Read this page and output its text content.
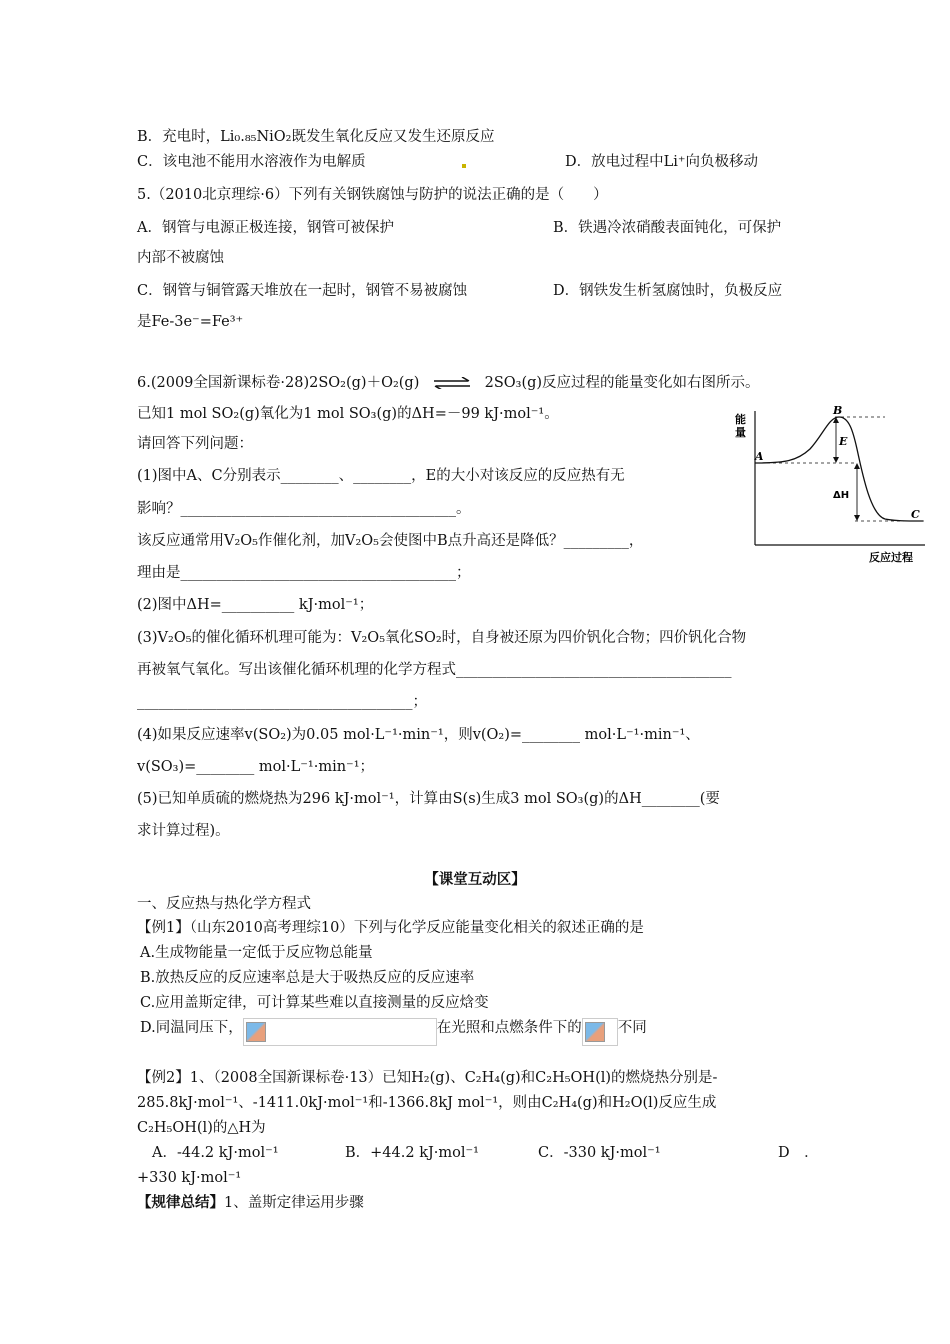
B．充电时，Li₀.₈₅NiO₂既发生氧化反应又发生还原反应
C．该电池不能用水溶液作为电解质	D．放电过程中Li⁺向负极移动
5.（2010北京理综·6）下列有关钢铁腐蚀与防护的说法正确的是（　　）
A．钢管与电源正极连接，钢管可被保护	B．铁遇冷浓硝酸表面钝化，可保护
内部不被腐蚀
C．钢管与铜管露天堆放在一起时，钢管不易被腐蚀	D．钢铁发生析氢腐蚀时，负极反应
是Fe-3e⁻=Fe³⁺
6.(2009全国新课标卷·28)2SO₂(g)＋O₂(g) ⇌ 2SO₃(g)反应过程的能量变化如右图所示。
已知1 mol SO₂(g)氧化为1 mol SO₃(g)的ΔH=－99 kJ·mol⁻¹。
请回答下列问题：
(1)图中A、C分别表示________、________，E的大小对该反应的反应热有无
影响？______________________________________。
该反应通常用V₂O₅作催化剂，加V₂O₅会使图中B点升高还是降低？_________，
理由是______________________________________；
(2)图中ΔH=__________ kJ·mol⁻¹；
(3)V₂O₅的催化循环机理可能为：V₂O₅氧化SO₂时，自身被还原为四价钒化合物；四价钒化合物
再被氧气氧化。写出该催化循环机理的化学方程式______________________________________
______________________________________；
(4)如果反应速率v(SO₂)为0.05 mol·L⁻¹·min⁻¹，则v(O₂)=________ mol·L⁻¹·min⁻¹、
v(SO₃)=________ mol·L⁻¹·min⁻¹；
(5)已知单质硫的燃烧热为296 kJ·mol⁻¹，计算由S(s)生成3 mol SO₃(g)的ΔH________(要
求计算过程)。
能
量
A
B
C
E
ΔH
反应过程
【课堂互动区】
一、反应热与热化学方程式
【例1】（山东2010高考理综10）下列与化学反应能量变化相关的叙述正确的是
A.生成物能量一定低于反应物总能量
B.放热反应的反应速率总是大于吸热反应的反应速率
C.应用盖斯定律，可计算某些难以直接测量的反应焓变
D.同温同压下，	在光照和点燃条件下的 不同
【例2】1、（2008全国新课标卷·13）已知H₂(g)、C₂H₄(g)和C₂H₅OH(l)的燃烧热分别是-
285.8kJ·mol⁻¹、-1411.0kJ·mol⁻¹和-1366.8kJ mol⁻¹，则由C₂H₄(g)和H₂O(l)反应生成
C₂H₅OH(l)的△H为
A．-44.2 kJ·mol⁻¹	B．+44.2 kJ·mol⁻¹	C．-330 kJ·mol⁻¹	D　．
+330 kJ·mol⁻¹
【规律总结】1、盖斯定律运用步骤
